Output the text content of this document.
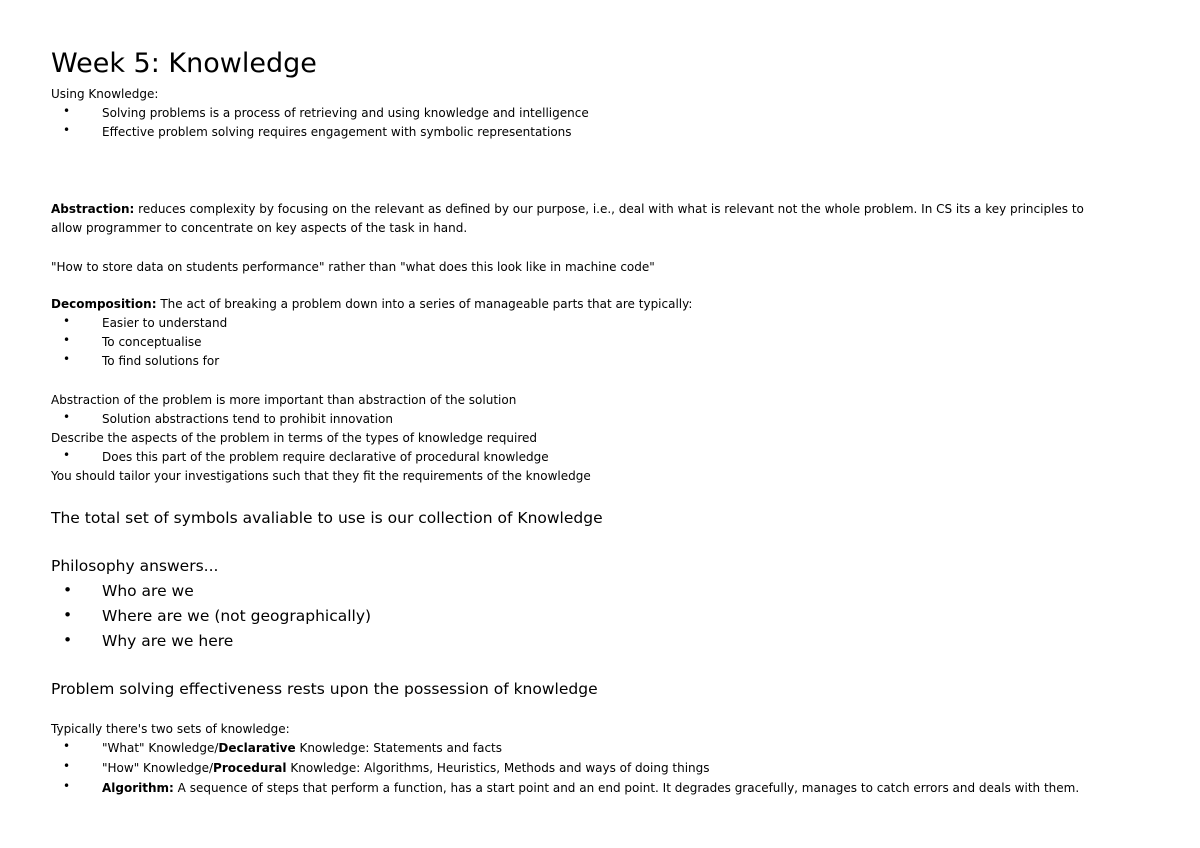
Week 5: Knowledge
Using Knowledge:
•	Solving problems is a process of retrieving and using knowledge and intelligence
•	Effective problem solving requires engagement with symbolic representations
Abstraction: reduces complexity by focusing on the relevant as defined by our purpose, i.e., deal with what is relevant not the whole problem. In CS its a key principles to
allow programmer to concentrate on key aspects of the task in hand.
"How to store data on students performance" rather than "what does this look like in machine code"
Decomposition: The act of breaking a problem down into a series of manageable parts that are typically:
•	Easier to understand
•	To conceptualise
•	To find solutions for
Abstraction of the problem is more important than abstraction of the solution
•	Solution abstractions tend to prohibit innovation
Describe the aspects of the problem in terms of the types of knowledge required
•	Does this part of the problem require declarative of procedural knowledge
You should tailor your investigations such that they fit the requirements of the knowledge
The total set of symbols avaliable to use is our collection of Knowledge
Philosophy answers...
• Who are we
• Where are we (not geographically)
• Why are we here
Problem solving effectiveness rests upon the possession of knowledge
Typically there's two sets of knowledge:
•	"What" Knowledge/Declarative Knowledge: Statements and facts
•	"How" Knowledge/Procedural Knowledge: Algorithms, Heuristics, Methods and ways of doing things
•	Algorithm: A sequence of steps that perform a function, has a start point and an end point. It degrades gracefully, manages to catch errors and deals with them.
